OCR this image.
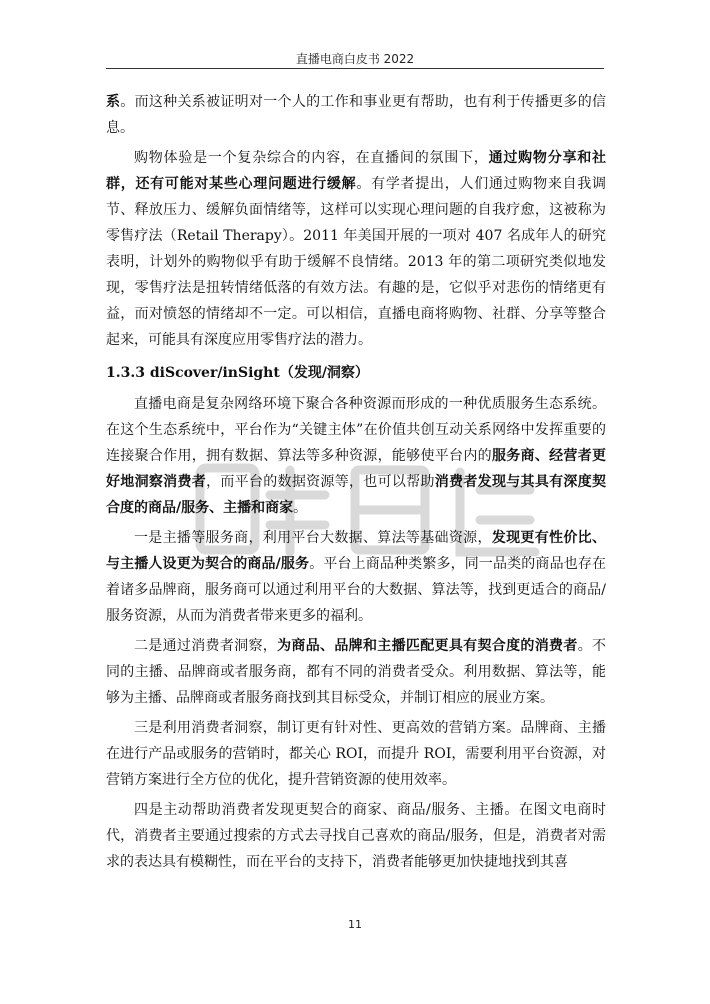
直播电商白皮书 2022

系。而这种关系被证明对一个人的工作和事业更有帮助，也有利于传播更多的信息。

购物体验是一个复杂综合的内容，在直播间的氛围下，通过购物分享和社群，还有可能对某些心理问题进行缓解。有学者提出，人们通过购物来自我调节、释放压力、缓解负面情绪等，这样可以实现心理问题的自我疗愈，这被称为零售疗法（Retail Therapy）。2011 年美国开展的一项对 407 名成年人的研究表明，计划外的购物似乎有助于缓解不良情绪。2013 年的第二项研究类似地发现，零售疗法是扭转情绪低落的有效方法。有趣的是，它似乎对悲伤的情绪更有益，而对愤怒的情绪却不一定。可以相信，直播电商将购物、社群、分享等整合起来，可能具有深度应用零售疗法的潜力。

1.3.3 diScover/inSight（发现/洞察）

直播电商是复杂网络环境下聚合各种资源而形成的一种优质服务生态系统。在这个生态系统中，平台作为“关键主体”在价值共创互动关系网络中发挥重要的连接聚合作用，拥有数据、算法等多种资源，能够使平台内的服务商、经营者更好地洞察消费者，而平台的数据资源等，也可以帮助消费者发现与其具有深度契合度的商品/服务、主播和商家。

一是主播等服务商，利用平台大数据、算法等基础资源，发现更有性价比、与主播人设更为契合的商品/服务。平台上商品种类繁多，同一品类的商品也存在着诸多品牌商，服务商可以通过利用平台的大数据、算法等，找到更适合的商品/服务资源，从而为消费者带来更多的福利。

二是通过消费者洞察，为商品、品牌和主播匹配更具有契合度的消费者。不同的主播、品牌商或者服务商，都有不同的消费者受众。利用数据、算法等，能够为主播、品牌商或者服务商找到其目标受众，并制订相应的展业方案。

三是利用消费者洞察，制订更有针对性、更高效的营销方案。品牌商、主播在进行产品或服务的营销时，都关心 ROI，而提升 ROI，需要利用平台资源，对营销方案进行全方位的优化，提升营销资源的使用效率。

四是主动帮助消费者发现更契合的商家、商品/服务、主播。在图文电商时代，消费者主要通过搜索的方式去寻找自己喜欢的商品/服务，但是，消费者对需求的表达具有模糊性，而在平台的支持下，消费者能够更加快捷地找到其喜

11
